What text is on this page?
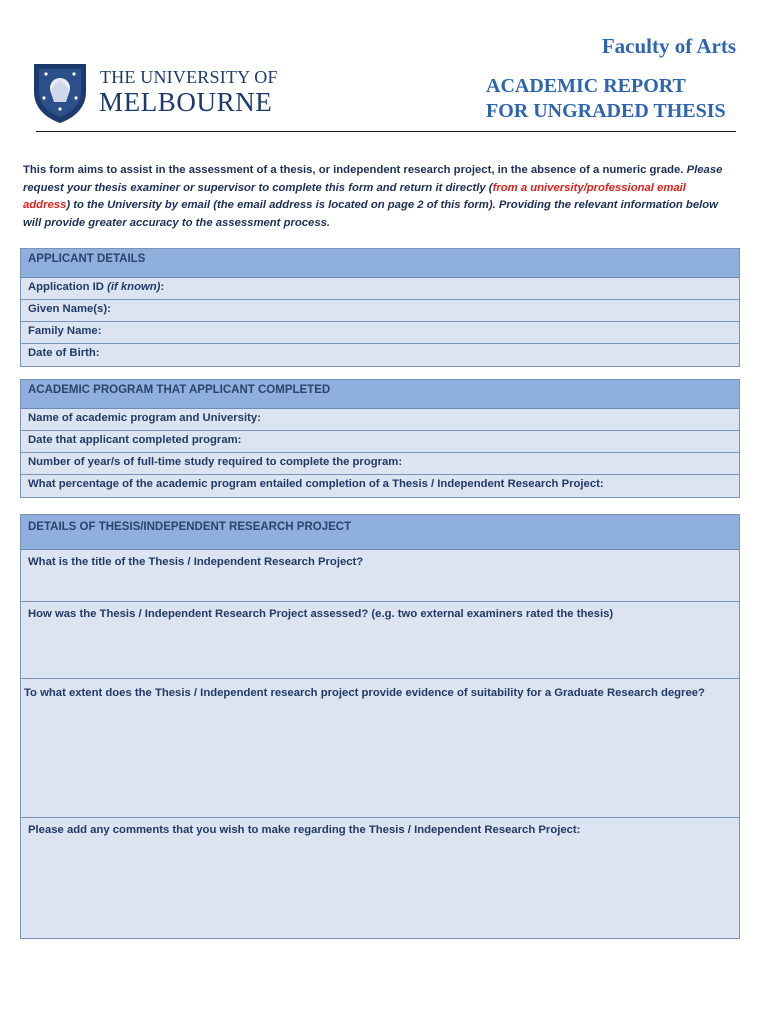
THE UNIVERSITY OF
MELBOURNE
Faculty of Arts
ACADEMIC REPORT
FOR UNGRADED THESIS
This form aims to assist in the assessment of a thesis, or independent research project, in the absence of a numeric grade. Please request your thesis examiner or supervisor to complete this form and return it directly (from a university/professional email address) to the University by email (the email address is located on page 2 of this form). Providing the relevant information below will provide greater accuracy to the assessment process.
APPLICANT DETAILS
Application ID (if known):
Given Name(s):
Family Name:
Date of Birth:
ACADEMIC PROGRAM THAT APPLICANT COMPLETED
Name of academic program and University:
Date that applicant completed program:
Number of year/s of full-time study required to complete the program:
What percentage of the academic program entailed completion of a Thesis / Independent Research Project:
DETAILS OF THESIS/INDEPENDENT RESEARCH PROJECT
What is the title of the Thesis / Independent Research Project?
How was the Thesis / Independent Research Project assessed? (e.g. two external examiners rated the thesis)
To what extent does the Thesis / Independent research project provide evidence of suitability for a Graduate Research degree?
Please add any comments that you wish to make regarding the Thesis / Independent Research Project:
